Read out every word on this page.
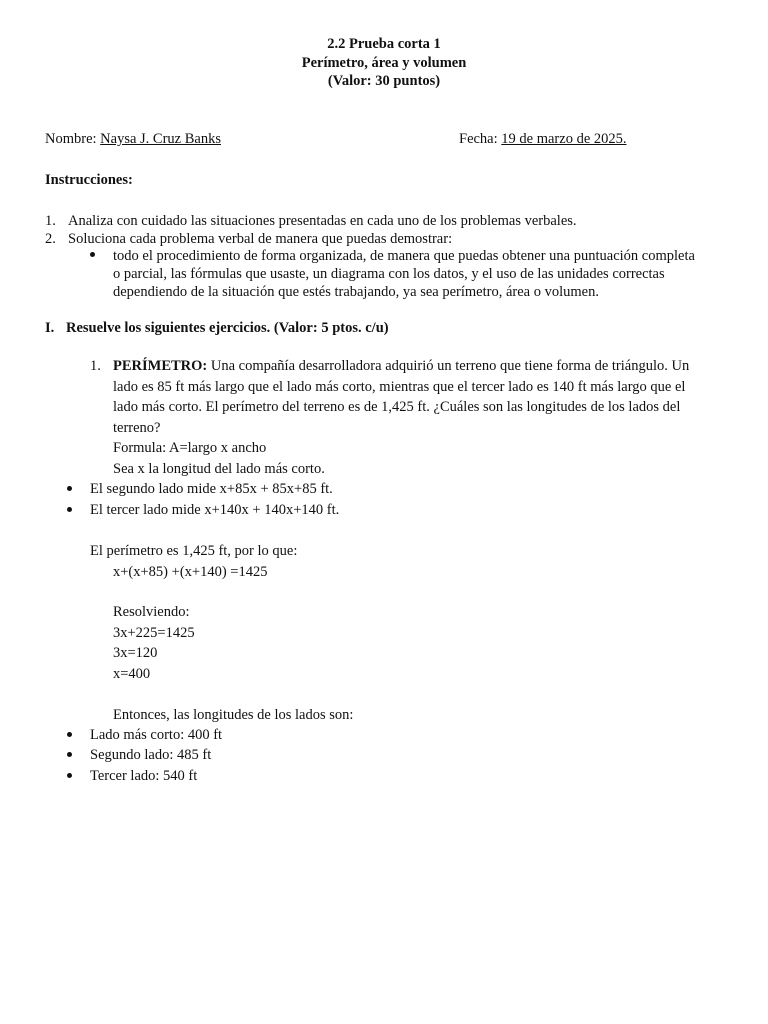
2.2 Prueba corta 1
Perímetro, área y volumen
(Valor: 30 puntos)
Nombre: Naysa J. Cruz Banks	Fecha: 19 de marzo de 2025.
Instrucciones:
1. Analiza con cuidado las situaciones presentadas en cada uno de los problemas verbales.
2. Soluciona cada problema verbal de manera que puedas demostrar:
todo el procedimiento de forma organizada, de manera que puedas obtener una puntuación completa
o parcial, las fórmulas que usaste, un diagrama con los datos, y el uso de las unidades correctas
dependiendo de la situación que estés trabajando, ya sea perímetro, área o volumen.
I. Resuelve los siguientes ejercicios. (Valor: 5 ptos. c/u)
1. PERÍMETRO: Una compañía desarrolladora adquirió un terreno que tiene forma de triángulo. Un
lado es 85 ft más largo que el lado más corto, mientras que el tercer lado es 140 ft más largo que el
lado más corto. El perímetro del terreno es de 1,425 ft. ¿Cuáles son las longitudes de los lados del
terreno?
Formula: A=largo x ancho
Sea x la longitud del lado más corto.
El segundo lado mide x+85x + 85x+85 ft.
El tercer lado mide x+140x + 140x+140 ft.
El perímetro es 1,425 ft, por lo que:
x+(x+85) +(x+140) =1425
Resolviendo:
3x+225=1425
3x=120
x=400
Entonces, las longitudes de los lados son:
Lado más corto: 400 ft
Segundo lado: 485 ft
Tercer lado: 540 ft
